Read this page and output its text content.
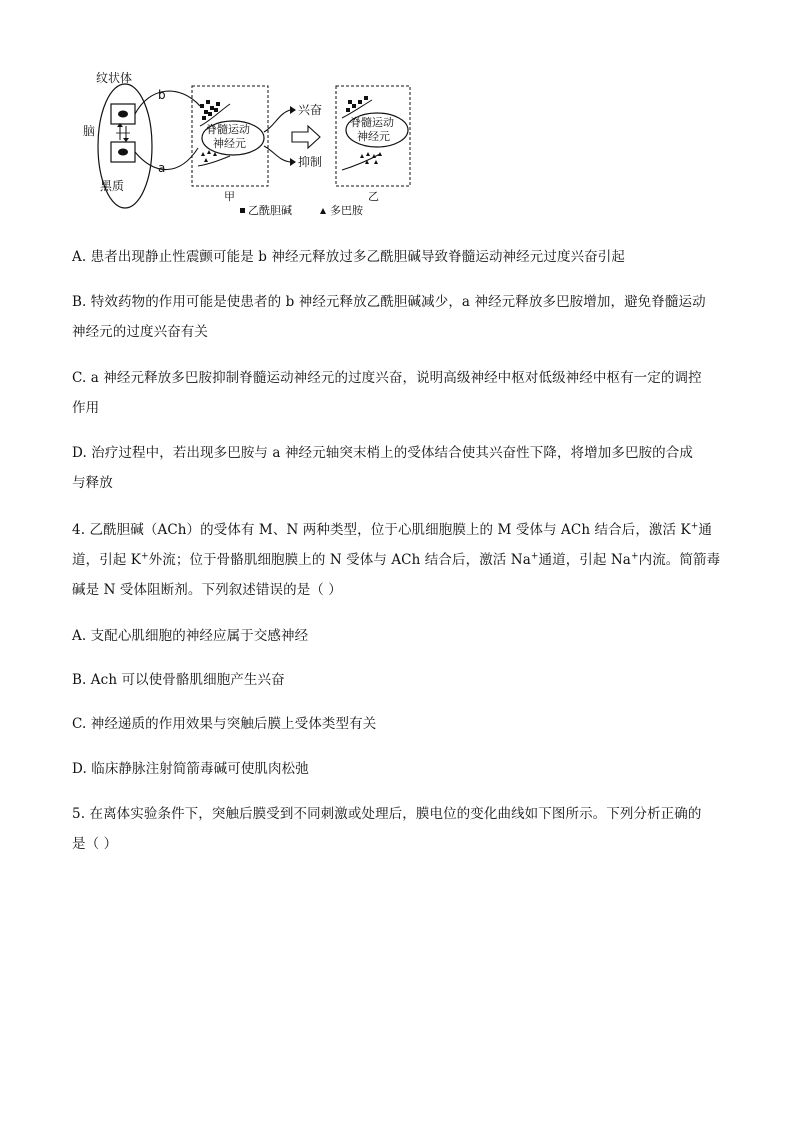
纹状体
脑
黑质
b
a
甲
脊髓运动
神经元
兴奋
抑制
乙
脊髓运动
神经元
乙酰胆碱	多巴胺
A. 患者出现静止性震颤可能是 b 神经元释放过多乙酰胆碱导致脊髓运动神经元过度兴奋引起
B. 特效药物的作用可能是使患者的 b 神经元释放乙酰胆碱减少，a 神经元释放多巴胺增加，避免脊髓运动
神经元的过度兴奋有关
C. a 神经元释放多巴胺抑制脊髓运动神经元的过度兴奋，说明高级神经中枢对低级神经中枢有一定的调控
作用
D. 治疗过程中，若出现多巴胺与 a 神经元轴突末梢上的受体结合使其兴奋性下降，将增加多巴胺的合成
与释放
4. 乙酰胆碱（ACh）的受体有 M、N 两种类型，位于心肌细胞膜上的 M 受体与 ACh 结合后，激活 K+通
道，引起 K+外流；位于骨骼肌细胞膜上的 N 受体与 ACh 结合后，激活 Na+通道，引起 Na+内流。简箭毒
碱是 N 受体阻断剂。下列叙述错误的是（ ）
A. 支配心肌细胞的神经应属于交感神经
B. Ach 可以使骨骼肌细胞产生兴奋
C. 神经递质的作用效果与突触后膜上受体类型有关
D. 临床静脉注射简箭毒碱可使肌肉松弛
5. 在离体实验条件下，突触后膜受到不同刺激或处理后，膜电位的变化曲线如下图所示。下列分析正确的
是（ ）
